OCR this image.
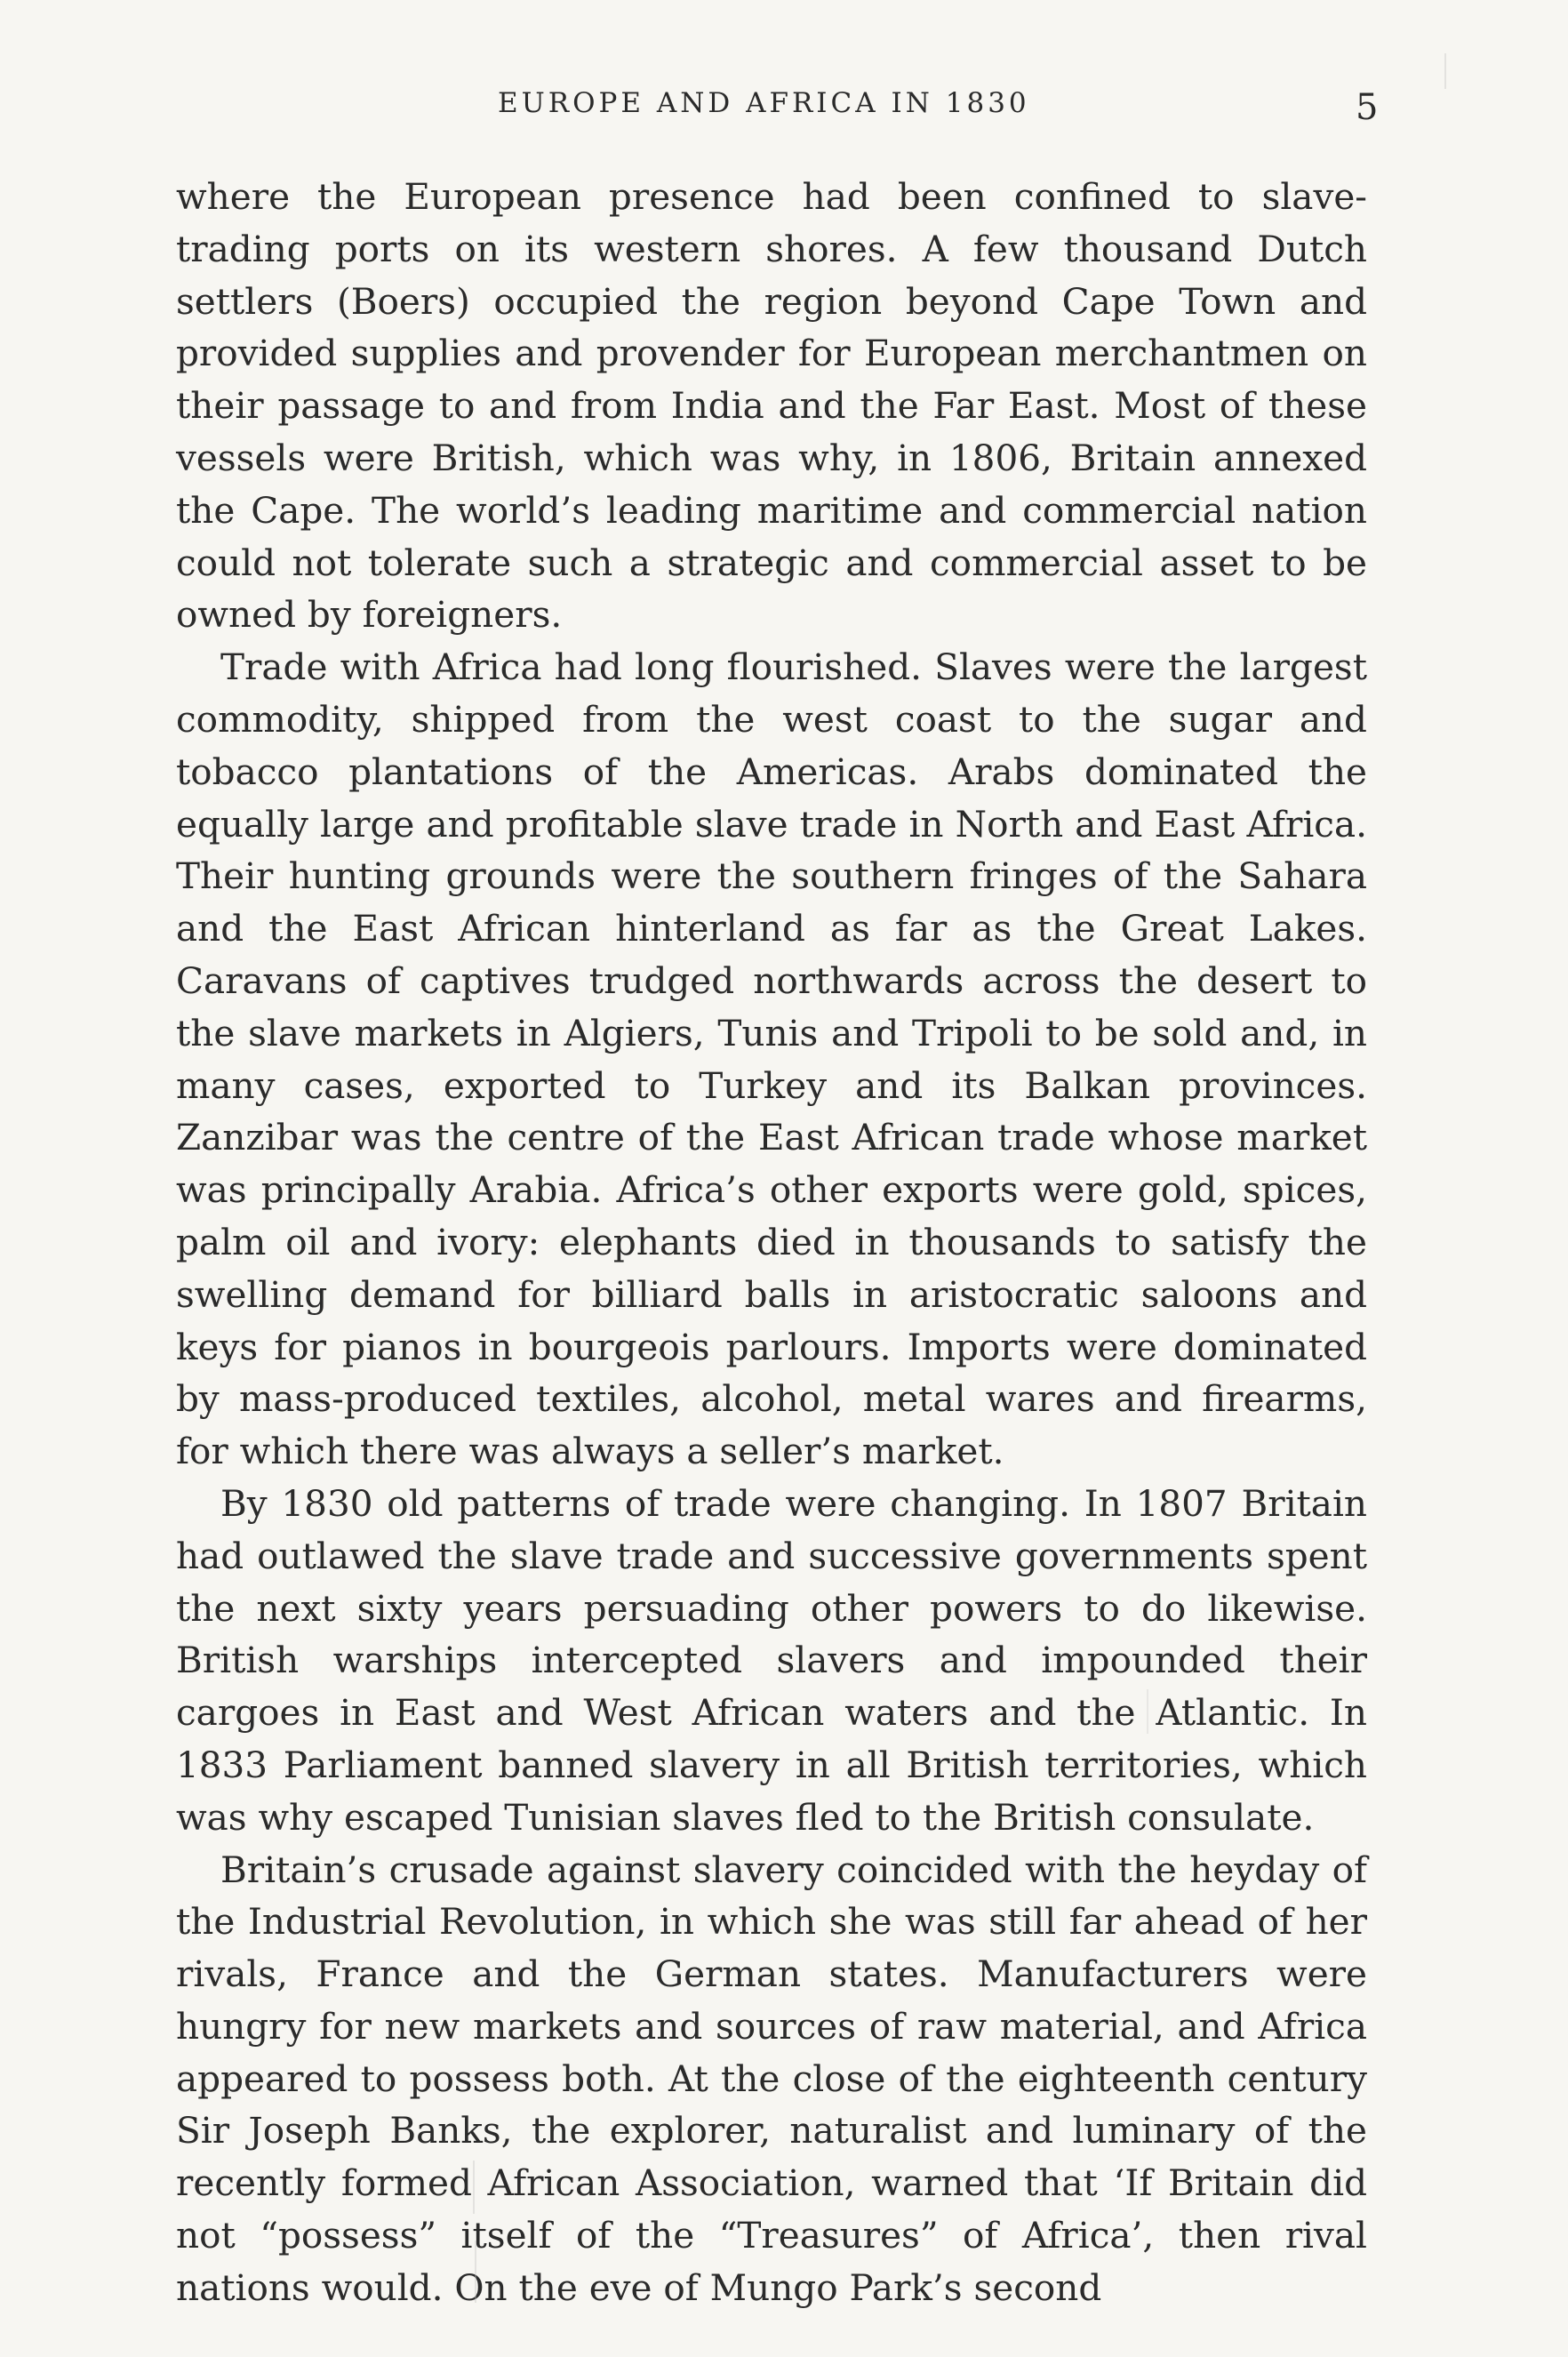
EUROPE AND AFRICA IN 1830	5

where the European presence had been confined to slave-trading ports on its western shores. A few thousand Dutch settlers (Boers) occupied the region beyond Cape Town and provided supplies and provender for European merchantmen on their passage to and from India and the Far East. Most of these vessels were British, which was why, in 1806, Britain annexed the Cape. The world’s leading maritime and commercial nation could not tolerate such a strategic and commercial asset to be owned by foreigners.

Trade with Africa had long flourished. Slaves were the largest commodity, shipped from the west coast to the sugar and tobacco plantations of the Americas. Arabs dominated the equally large and profitable slave trade in North and East Africa. Their hunting grounds were the southern fringes of the Sahara and the East African hinterland as far as the Great Lakes. Caravans of captives trudged northwards across the desert to the slave markets in Algiers, Tunis and Tripoli to be sold and, in many cases, exported to Turkey and its Balkan provinces. Zanzibar was the centre of the East African trade whose market was principally Arabia. Africa’s other exports were gold, spices, palm oil and ivory: elephants died in thousands to satisfy the swelling demand for billiard balls in aristocratic saloons and keys for pianos in bourgeois parlours. Imports were dominated by mass-produced textiles, alcohol, metal wares and firearms, for which there was always a seller’s market.

By 1830 old patterns of trade were changing. In 1807 Britain had outlawed the slave trade and successive governments spent the next sixty years persuading other powers to do likewise. British warships intercepted slavers and impounded their cargoes in East and West African waters and the Atlantic. In 1833 Parliament banned slavery in all British territories, which was why escaped Tunisian slaves fled to the British consulate.

Britain’s crusade against slavery coincided with the heyday of the Industrial Revolution, in which she was still far ahead of her rivals, France and the German states. Manufacturers were hungry for new markets and sources of raw material, and Africa appeared to possess both. At the close of the eighteenth century Sir Joseph Banks, the explorer, naturalist and luminary of the recently formed African Association, warned that ‘If Britain did not “possess” itself of the “Treasures” of Africa’, then rival nations would. On the eve of Mungo Park’s second
